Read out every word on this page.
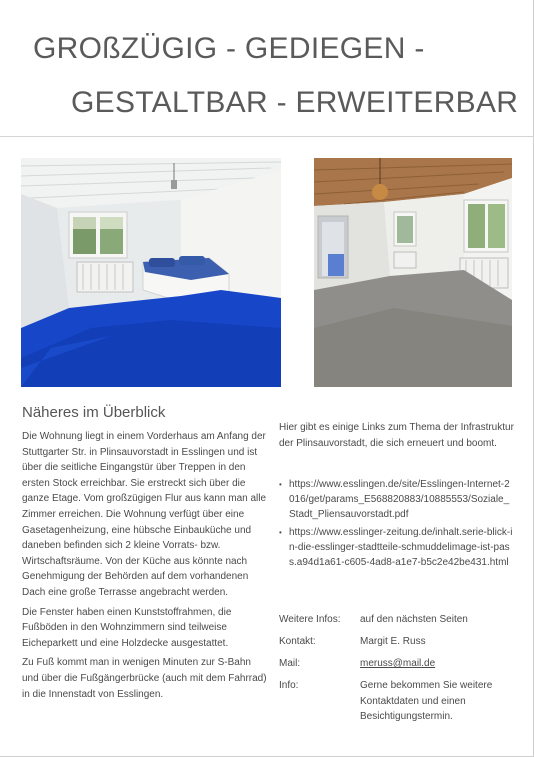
GROßZÜGIG - GEDIEGEN -
GESTALTBAR - ERWEITERBAR
Näheres im Überblick

Die Wohnung liegt in einem Vorderhaus am Anfang der Stuttgarter Str. in Plinsauvorstadt in Esslingen und ist über die seitliche Eingangstür über Treppen in den ersten Stock erreichbar. Sie erstreckt sich über die ganze Etage. Vom großzügigen Flur aus kann man alle Zimmer erreichen. Die Wohnung verfügt über eine Gasetagenheizung, eine hübsche Einbauküche und daneben befinden sich 2 kleine Vorrats- bzw. Wirtschaftsräume. Von der Küche aus könnte nach Genehmigung der Behörden auf dem vorhandenen Dach eine große Terrasse angebracht werden.

Die Fenster haben einen Kunststoffrahmen, die Fußböden in den Wohnzimmern sind teilweise Eicheparkett und eine Holzdecke ausgestattet.

Zu Fuß kommt man in wenigen Minuten zur S-Bahn und über die Fußgängerbrücke (auch mit dem Fahrrad) in die Innenstadt von Esslingen.

Hier gibt es einige Links zum Thema der Infrastruktur der Plinsauvorstadt, die sich erneuert und boomt.
• https://www.esslingen.de/site/Esslingen-Internet-2016/get/params_E568820883/10885553/Soziale_Stadt_Pliensauvorstadt.pdf
• https://www.esslinger-zeitung.de/inhalt.serie-blick-in-die-esslinger-stadtteile-schmuddelimage-ist-pass.a94d1a61-c605-4ad8-a1e7-b5c2e42be431.html
Weitere Infos:	auf den nächsten Seiten
Kontakt:	Margit E. Russ
Mail:	meruss@mail.de
Info:	Gerne bekommen Sie weitere Kontaktdaten und einen Besichtigungstermin.
